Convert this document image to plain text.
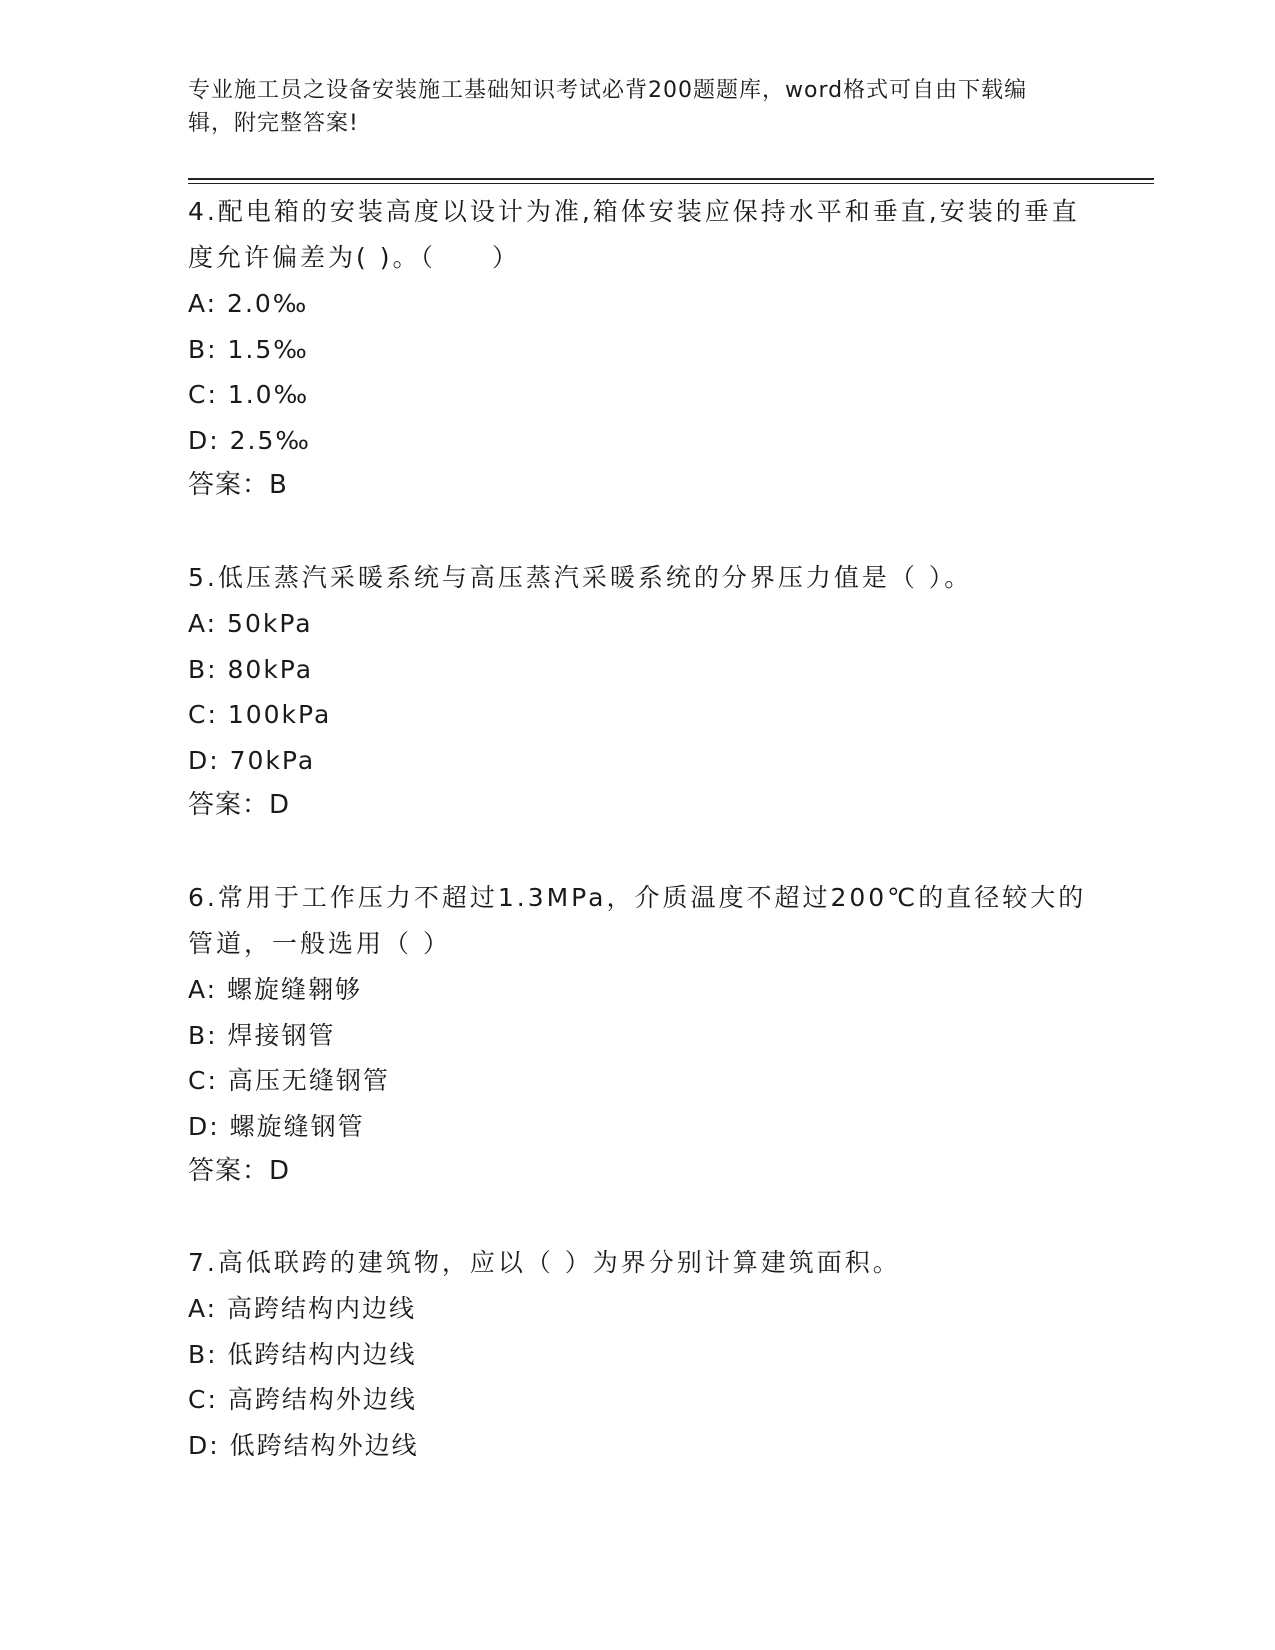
专业施工员之设备安装施工基础知识考试必背200题题库，word格式可自由下载编辑，附完整答案!
4.配电箱的安装高度以设计为准,箱体安装应保持水平和垂直,安装的垂直度允许偏差为( )。（　　）
A: 2.0‰
B: 1.5‰
C: 1.0‰
D: 2.5‰
答案：B
5.低压蒸汽采暖系统与高压蒸汽采暖系统的分界压力值是（ ）。
A: 50kPa
B: 80kPa
C: 100kPa
D: 70kPa
答案：D
6.常用于工作压力不超过1.3MPa，介质温度不超过200℃的直径较大的管道，一般选用（ ）
A: 螺旋缝翱够
B: 焊接钢管
C: 高压无缝钢管
D: 螺旋缝钢管
答案：D
7.高低联跨的建筑物，应以（ ）为界分别计算建筑面积。
A: 高跨结构内边线
B: 低跨结构内边线
C: 高跨结构外边线
D: 低跨结构外边线
